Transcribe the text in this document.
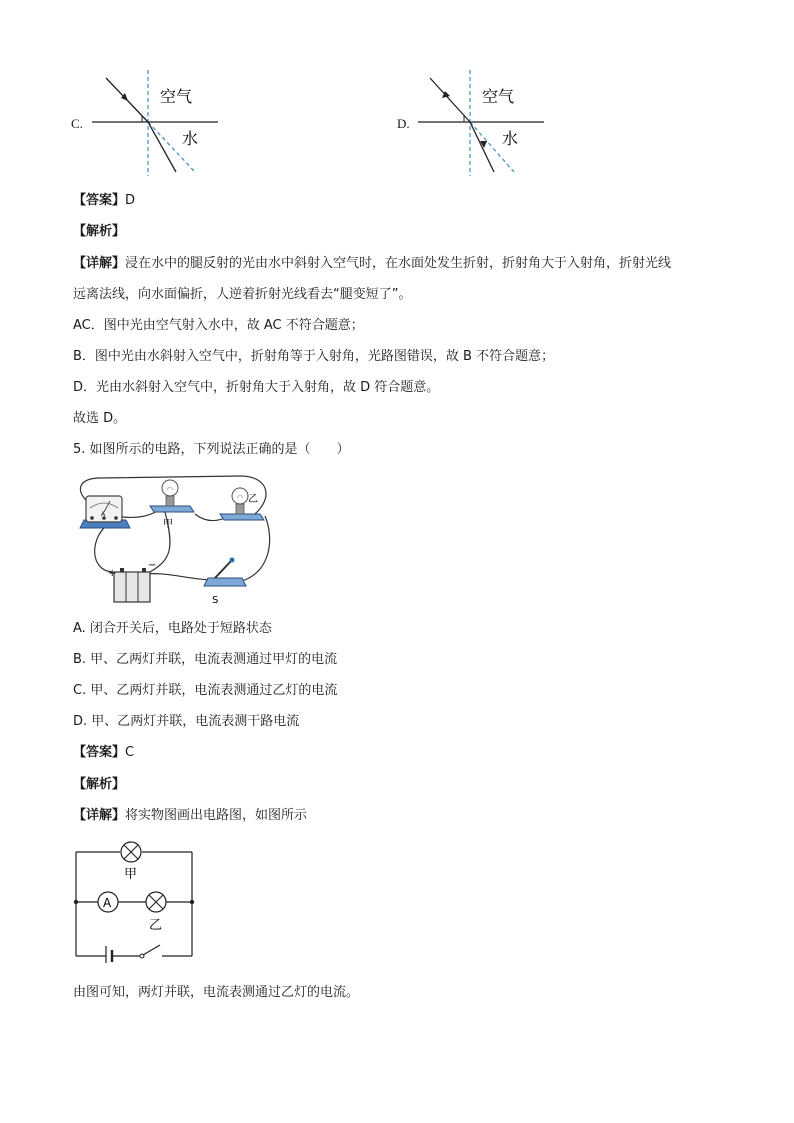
C.
空气
水
D.
空气
水
【答案】D
【解析】
【详解】浸在水中的腿反射的光由水中斜射入空气时，在水面处发生折射，折射角大于入射角，折射光线
远离法线，向水面偏折，人逆着折射光线看去“腿变短了”。
AC．图中光由空气射入水中，故 AC 不符合题意；
B．图中光由水斜射入空气中，折射角等于入射角，光路图错误，故 B 不符合题意；
D．光由水斜射入空气中，折射角大于入射角，故 D 符合题意。
故选 D。
5. 如图所示的电路，下列说法正确的是（　　）
A
甲
乙
+
−
S
A. 闭合开关后，电路处于短路状态
B. 甲、乙两灯并联，电流表测通过甲灯的电流
C. 甲、乙两灯并联，电流表测通过乙灯的电流
D. 甲、乙两灯并联，电流表测干路电流
【答案】C
【解析】
【详解】将实物图画出电路图，如图所示
甲
A
乙
由图可知，两灯并联，电流表测通过乙灯的电流。
